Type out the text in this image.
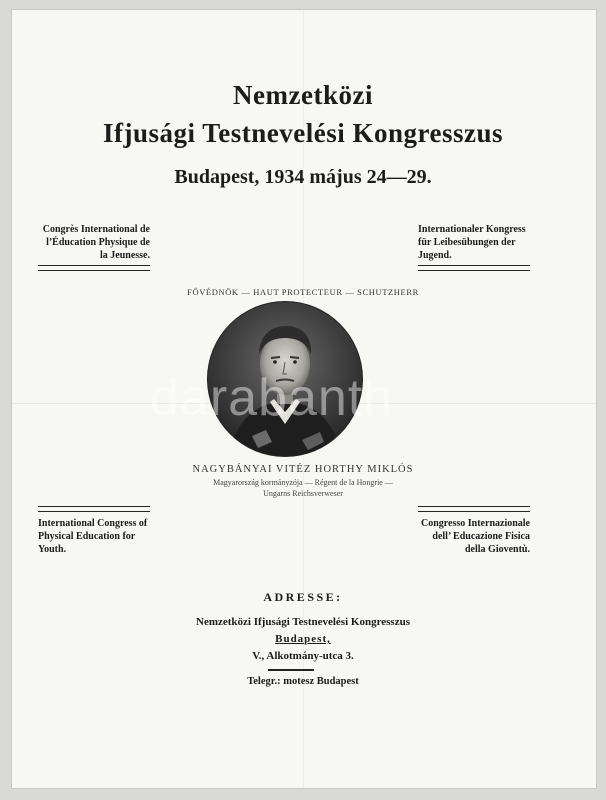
Nemzetközi
Ifjusági Testnevelési Kongresszus
Budapest, 1934 május 24—29.
Congrès International de
l’Éducation Physique de
la Jeunesse.
Internationaler Kongress
für Leibesübungen der
Jugend.
FŐVÉDNÖK — HAUT PROTECTEUR — SCHUTZHERR
darabanth
NAGYBÁNYAI VITÉZ HORTHY MIKLÓS
Magyarország kormányzója — Régent de la Hongrie —
Ungarns Reichsverweser
International Congress of
Physical Education for
Youth.
Congresso Internazionale
dell’ Educazione Fisica
della Gioventù.
ADRESSE:
Nemzetközi Ifjusági Testnevelési Kongresszus
Budapest,
V., Alkotmány-utca 3.
Telegr.: motesz Budapest
